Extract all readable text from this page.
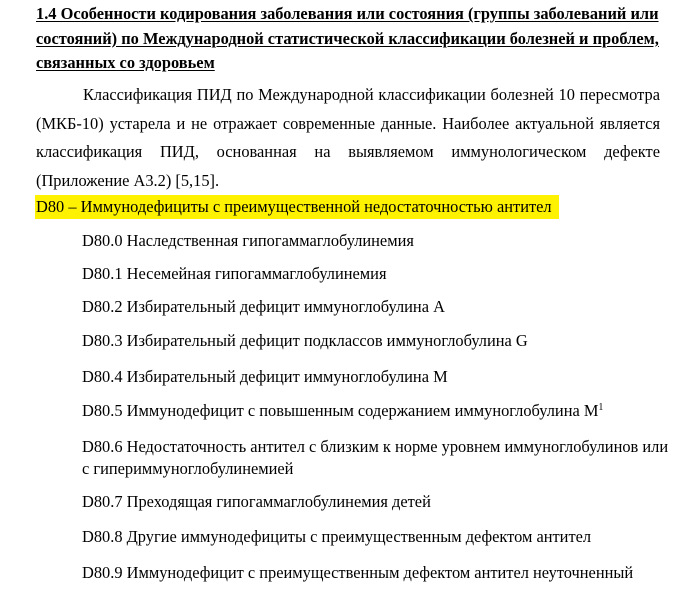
1.4 Особенности кодирования заболевания или состояния (группы заболеваний или
состояний) по Международной статистической классификации болезней и проблем,
связанных со здоровьем
Классификация ПИД по Международной классификации болезней 10 пересмотра
(МКБ-10) устарела и не отражает современные данные. Наиболее актуальной является
классификация ПИД, основанная на выявляемом иммунологическом дефекте
(Приложение А3.2) [5,15].
D80 – Иммунодефициты с преимущественной недостаточностью антител
D80.0 Наследственная гипогаммаглобулинемия
D80.1 Несемейная гипогаммаглобулинемия
D80.2 Избирательный дефицит иммуноглобулина A
D80.3 Избирательный дефицит подклассов иммуноглобулина G
D80.4 Избирательный дефицит иммуноглобулина M
D80.5 Иммунодефицит с повышенным содержанием иммуноглобулина $M^1$
D80.6 Недостаточность антител с близким к норме уровнем иммуноглобулинов или
с гипериммуноглобулинемией
D80.7 Преходящая гипогаммаглобулинемия детей
D80.8 Другие иммунодефициты с преимущественным дефектом антител
D80.9 Иммунодефицит с преимущественным дефектом антител неуточненный
